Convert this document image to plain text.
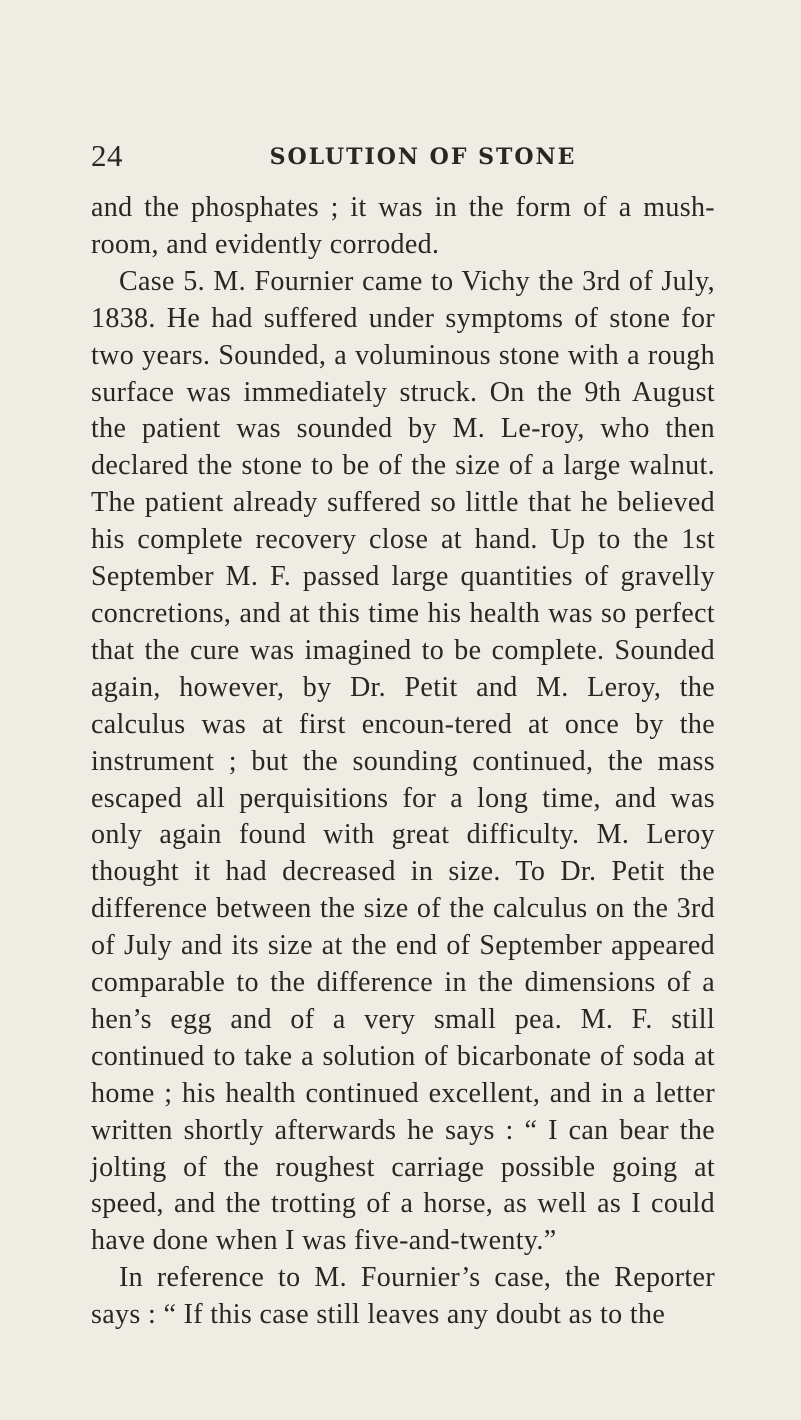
24	SOLUTION OF STONE

and the phosphates ; it was in the form of a mush-room, and evidently corroded.

Case 5. M. Fournier came to Vichy the 3rd of July, 1838. He had suffered under symptoms of stone for two years. Sounded, a voluminous stone with a rough surface was immediately struck. On the 9th August the patient was sounded by M. Le-roy, who then declared the stone to be of the size of a large walnut. The patient already suffered so little that he believed his complete recovery close at hand. Up to the 1st September M. F. passed large quantities of gravelly concretions, and at this time his health was so perfect that the cure was imagined to be complete. Sounded again, however, by Dr. Petit and M. Leroy, the calculus was at first encoun-tered at once by the instrument ; but the sounding continued, the mass escaped all perquisitions for a long time, and was only again found with great difficulty. M. Leroy thought it had decreased in size. To Dr. Petit the difference between the size of the calculus on the 3rd of July and its size at the end of September appeared comparable to the difference in the dimensions of a hen’s egg and of a very small pea. M. F. still continued to take a solution of bicarbonate of soda at home ; his health continued excellent, and in a letter written shortly afterwards he says : “ I can bear the jolting of the roughest carriage possible going at speed, and the trotting of a horse, as well as I could have done when I was five-and-twenty.”

In reference to M. Fournier’s case, the Reporter says : “ If this case still leaves any doubt as to the
